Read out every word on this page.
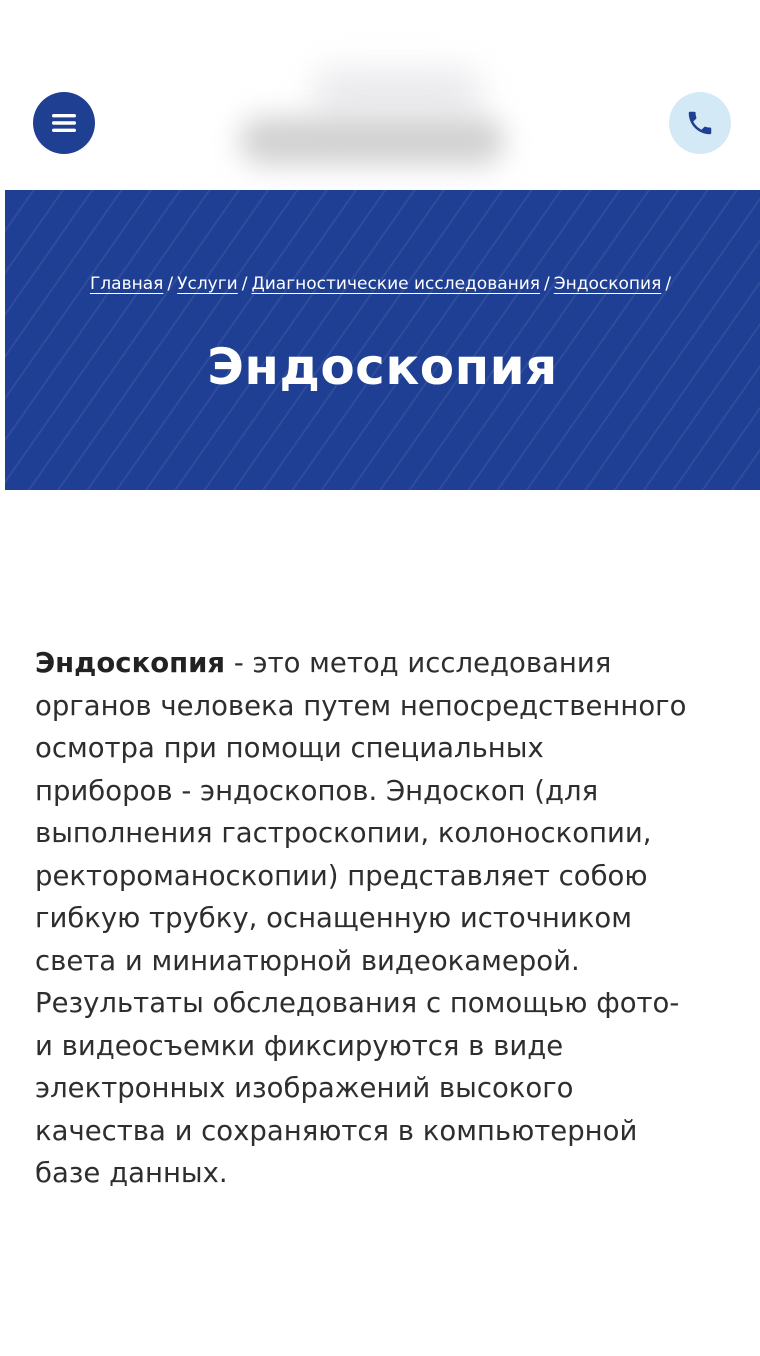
Главная / Услуги / Диагностические исследования / Эндоскопия /
Эндоскопия
Эндоскопия - это метод исследования
органов человека путем непосредственного
осмотра при помощи специальных
приборов - эндоскопов. Эндоскоп (для
выполнения гастроскопии, колоноскопии,
ректороманоскопии) представляет собою
гибкую трубку, оснащенную источником
света и миниатюрной видеокамерой.
Результаты обследования с помощью фото-
и видеосъемки фиксируются в виде
электронных изображений высокого
качества и сохраняются в компьютерной
базе данных.
